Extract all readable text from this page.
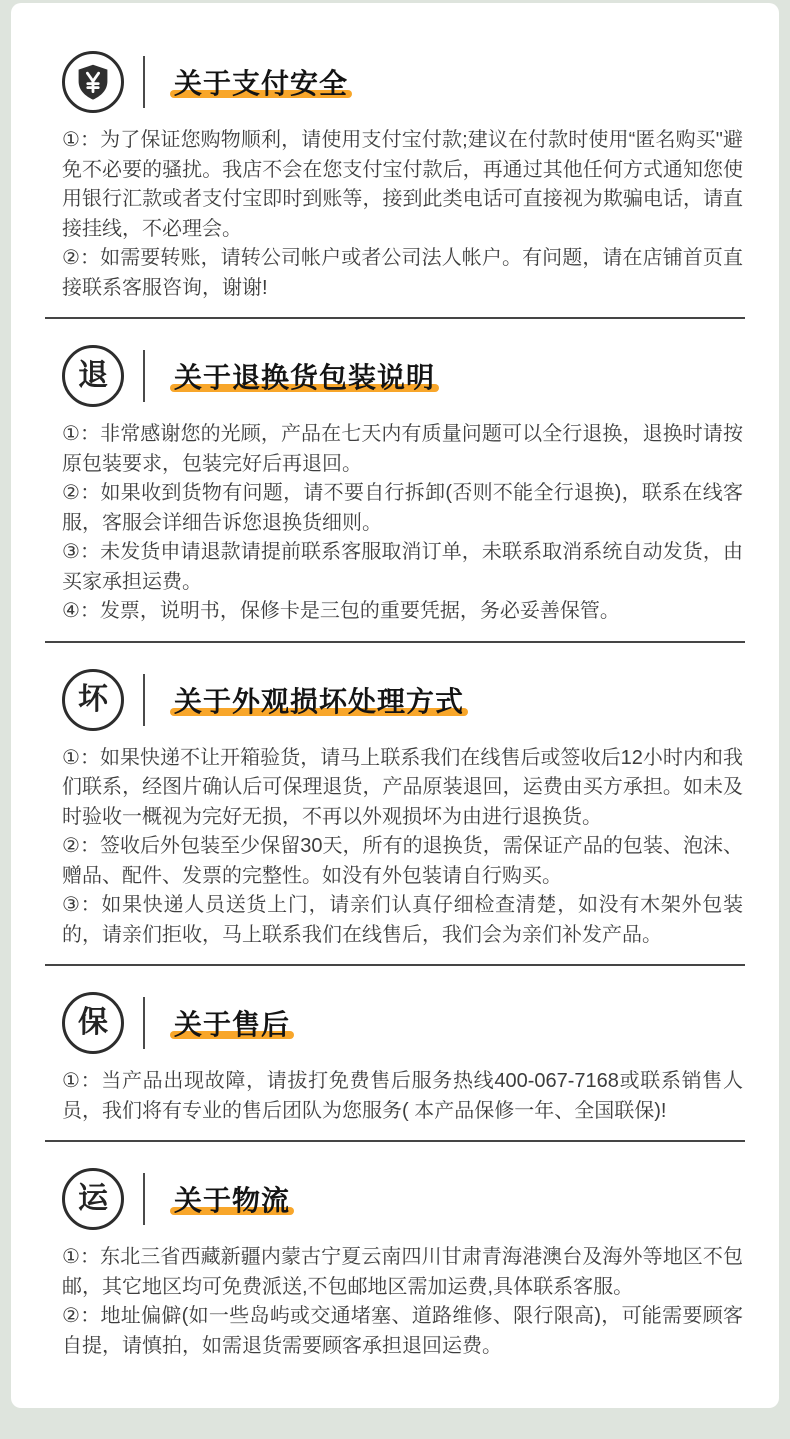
关于支付安全

①：为了保证您购物顺利，请使用支付宝付款;建议在付款时使用“匿名购买"避免不必要的骚扰。我店不会在您支付宝付款后，再通过其他任何方式通知您使用银行汇款或者支付宝即时到账等，接到此类电话可直接视为欺骗电话，请直接挂线，不必理会。

②：如需要转账，请转公司帐户或者公司法人帐户。有问题，请在店铺首页直接联系客服咨询，谢谢!

退 关于退换货包装说明

①：非常感谢您的光顾，产品在七天内有质量问题可以全行退换，退换时请按原包装要求，包装完好后再退回。

②：如果收到货物有问题，请不要自行拆卸(否则不能全行退换)，联系在线客服，客服会详细告诉您退换货细则。

③：未发货申请退款请提前联系客服取消订单，未联系取消系统自动发货，由买家承担运费。

④：发票，说明书，保修卡是三包的重要凭据，务必妥善保管。

坏 关于外观损坏处理方式

①：如果快递不让开箱验货，请马上联系我们在线售后或签收后12小时内和我们联系，经图片确认后可保理退货，产品原装退回，运费由买方承担。如未及时验收一概视为完好无损，不再以外观损坏为由进行退换货。

②：签收后外包装至少保留30天，所有的退换货，需保证产品的包装、泡沫、赠品、配件、发票的完整性。如没有外包装请自行购买。

③：如果快递人员送货上门，请亲们认真仔细检查清楚，如没有木架外包装的，请亲们拒收，马上联系我们在线售后，我们会为亲们补发产品。

保 关于售后

①：当产品出现故障，请拔打免费售后服务热线400-067-7168或联系销售人员，我们将有专业的售后团队为您服务( 本产品保修一年、全国联保)!

运 关于物流

①：东北三省西藏新疆内蒙古宁夏云南四川甘肃青海港澳台及海外等地区不包邮，其它地区均可免费派送,不包邮地区需加运费,具体联系客服。

②：地址偏僻(如一些岛屿或交通堵塞、道路维修、限行限高)，可能需要顾客自提，请慎拍，如需退货需要顾客承担退回运费。
